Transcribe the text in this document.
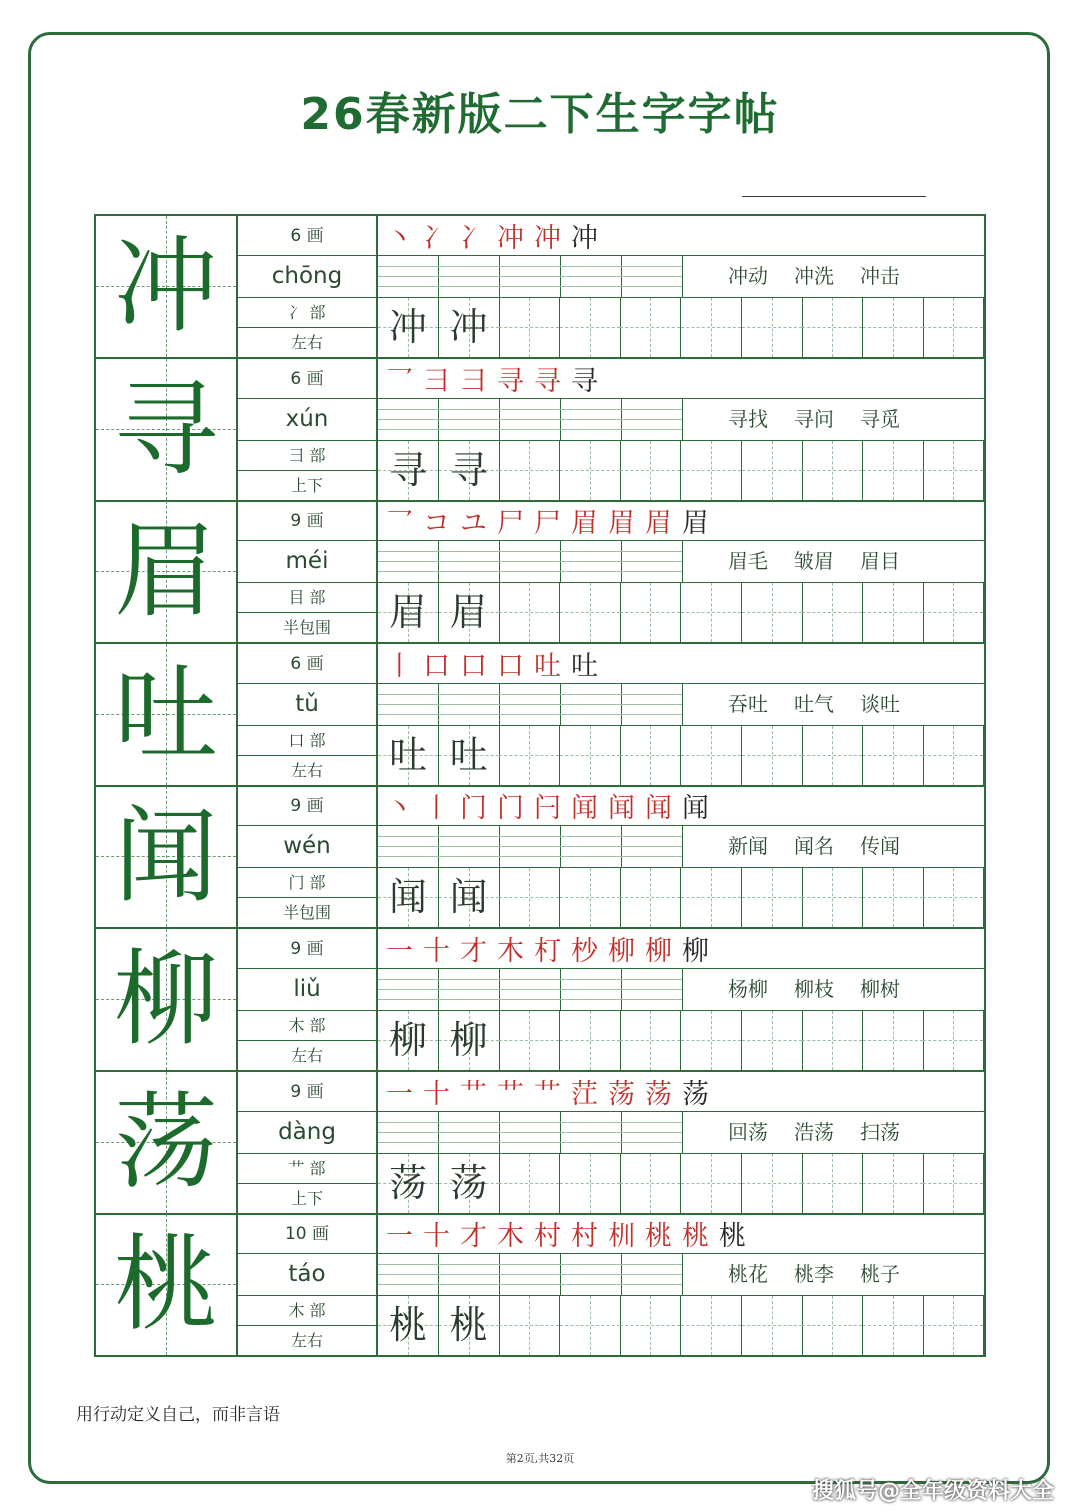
26春新版二下生字字帖
冲	6 画
chōng
冫 部
左右
丶 冫 冫 冲 冲 冲
冲动 冲洗 冲击
冲 冲
寻	6 画
xún
彐 部
上下
乛 彐 彐 寻 寻 寻
寻找 寻问 寻觅
寻 寻
眉	9 画
méi
目 部
半包围
乛 コ ユ 尸 尸 眉 眉 眉 眉
眉毛 皱眉 眉目
眉 眉
吐	6 画
tǔ
口 部
左右
丨 口 口 口 吐 吐
吞吐 吐气 谈吐
吐 吐
闻	9 画
wén
门 部
半包围
丶 丨 门 门 闩 闻 闻 闻 闻
新闻 闻名 传闻
闻 闻
柳	9 画
liǔ
木 部
左右
一 十 才 木 朾 杪 柳 柳 柳
杨柳 柳枝 柳树
柳 柳
荡	9 画
dàng
艹 部
上下
一 十 艹 艹 艹 茳 荡 荡 荡
回荡 浩荡 扫荡
荡 荡
桃	10 画
táo
木 部
左右
一 十 才 木 村 村 杊 桃 桃 桃
桃花 桃李 桃子
桃 桃
用行动定义自己，而非言语
第2页,共32页
搜狐号@全年级资料大全
